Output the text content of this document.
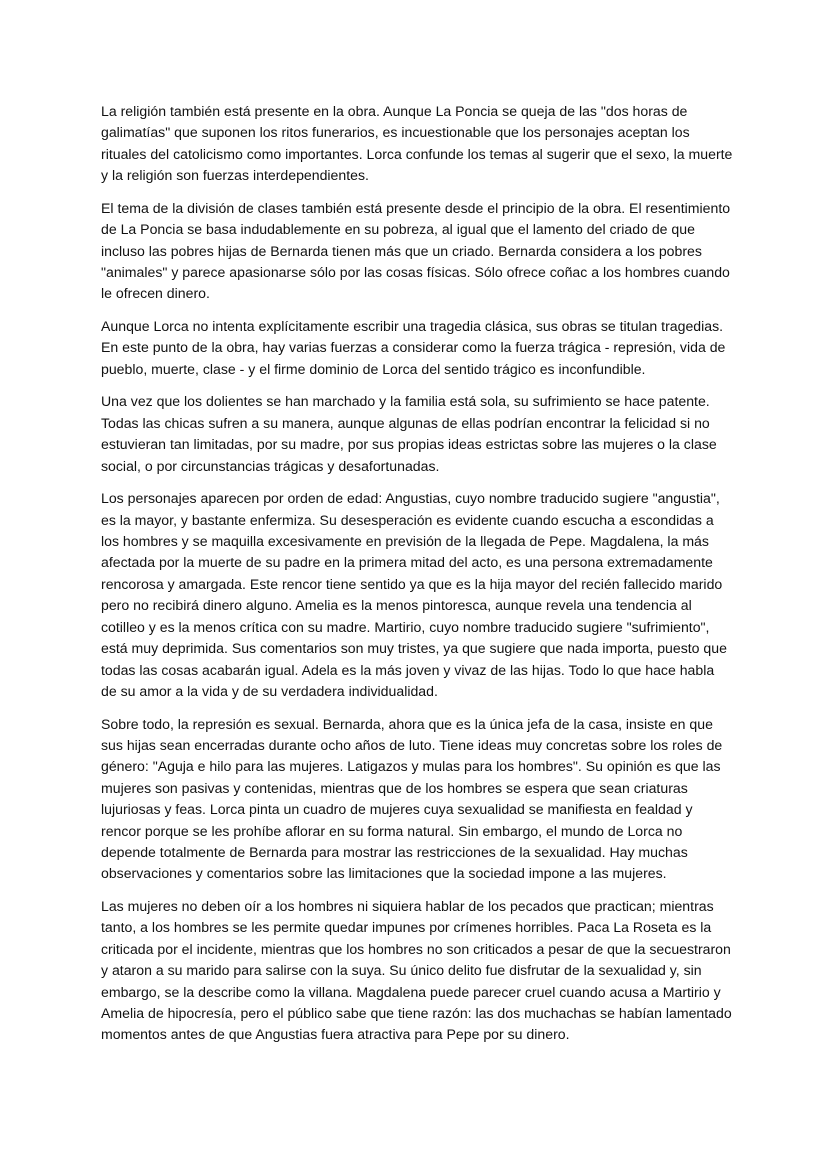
La religión también está presente en la obra. Aunque La Poncia se queja de las "dos horas de galimatías" que suponen los ritos funerarios, es incuestionable que los personajes aceptan los rituales del catolicismo como importantes. Lorca confunde los temas al sugerir que el sexo, la muerte y la religión son fuerzas interdependientes.

El tema de la división de clases también está presente desde el principio de la obra. El resentimiento de La Poncia se basa indudablemente en su pobreza, al igual que el lamento del criado de que incluso las pobres hijas de Bernarda tienen más que un criado. Bernarda considera a los pobres "animales" y parece apasionarse sólo por las cosas físicas. Sólo ofrece coñac a los hombres cuando le ofrecen dinero.

Aunque Lorca no intenta explícitamente escribir una tragedia clásica, sus obras se titulan tragedias. En este punto de la obra, hay varias fuerzas a considerar como la fuerza trágica - represión, vida de pueblo, muerte, clase - y el firme dominio de Lorca del sentido trágico es inconfundible.

Una vez que los dolientes se han marchado y la familia está sola, su sufrimiento se hace patente. Todas las chicas sufren a su manera, aunque algunas de ellas podrían encontrar la felicidad si no estuvieran tan limitadas, por su madre, por sus propias ideas estrictas sobre las mujeres o la clase social, o por circunstancias trágicas y desafortunadas.

Los personajes aparecen por orden de edad: Angustias, cuyo nombre traducido sugiere "angustia", es la mayor, y bastante enfermiza. Su desesperación es evidente cuando escucha a escondidas a los hombres y se maquilla excesivamente en previsión de la llegada de Pepe. Magdalena, la más afectada por la muerte de su padre en la primera mitad del acto, es una persona extremadamente rencorosa y amargada. Este rencor tiene sentido ya que es la hija mayor del recién fallecido marido pero no recibirá dinero alguno. Amelia es la menos pintoresca, aunque revela una tendencia al cotilleo y es la menos crítica con su madre. Martirio, cuyo nombre traducido sugiere "sufrimiento", está muy deprimida. Sus comentarios son muy tristes, ya que sugiere que nada importa, puesto que todas las cosas acabarán igual. Adela es la más joven y vivaz de las hijas. Todo lo que hace habla de su amor a la vida y de su verdadera individualidad.

Sobre todo, la represión es sexual. Bernarda, ahora que es la única jefa de la casa, insiste en que sus hijas sean encerradas durante ocho años de luto. Tiene ideas muy concretas sobre los roles de género: "Aguja e hilo para las mujeres. Latigazos y mulas para los hombres". Su opinión es que las mujeres son pasivas y contenidas, mientras que de los hombres se espera que sean criaturas lujuriosas y feas. Lorca pinta un cuadro de mujeres cuya sexualidad se manifiesta en fealdad y rencor porque se les prohíbe aflorar en su forma natural. Sin embargo, el mundo de Lorca no depende totalmente de Bernarda para mostrar las restricciones de la sexualidad. Hay muchas observaciones y comentarios sobre las limitaciones que la sociedad impone a las mujeres.

Las mujeres no deben oír a los hombres ni siquiera hablar de los pecados que practican; mientras tanto, a los hombres se les permite quedar impunes por crímenes horribles. Paca La Roseta es la criticada por el incidente, mientras que los hombres no son criticados a pesar de que la secuestraron y ataron a su marido para salirse con la suya. Su único delito fue disfrutar de la sexualidad y, sin embargo, se la describe como la villana. Magdalena puede parecer cruel cuando acusa a Martirio y Amelia de hipocresía, pero el público sabe que tiene razón: las dos muchachas se habían lamentado momentos antes de que Angustias fuera atractiva para Pepe por su dinero.
